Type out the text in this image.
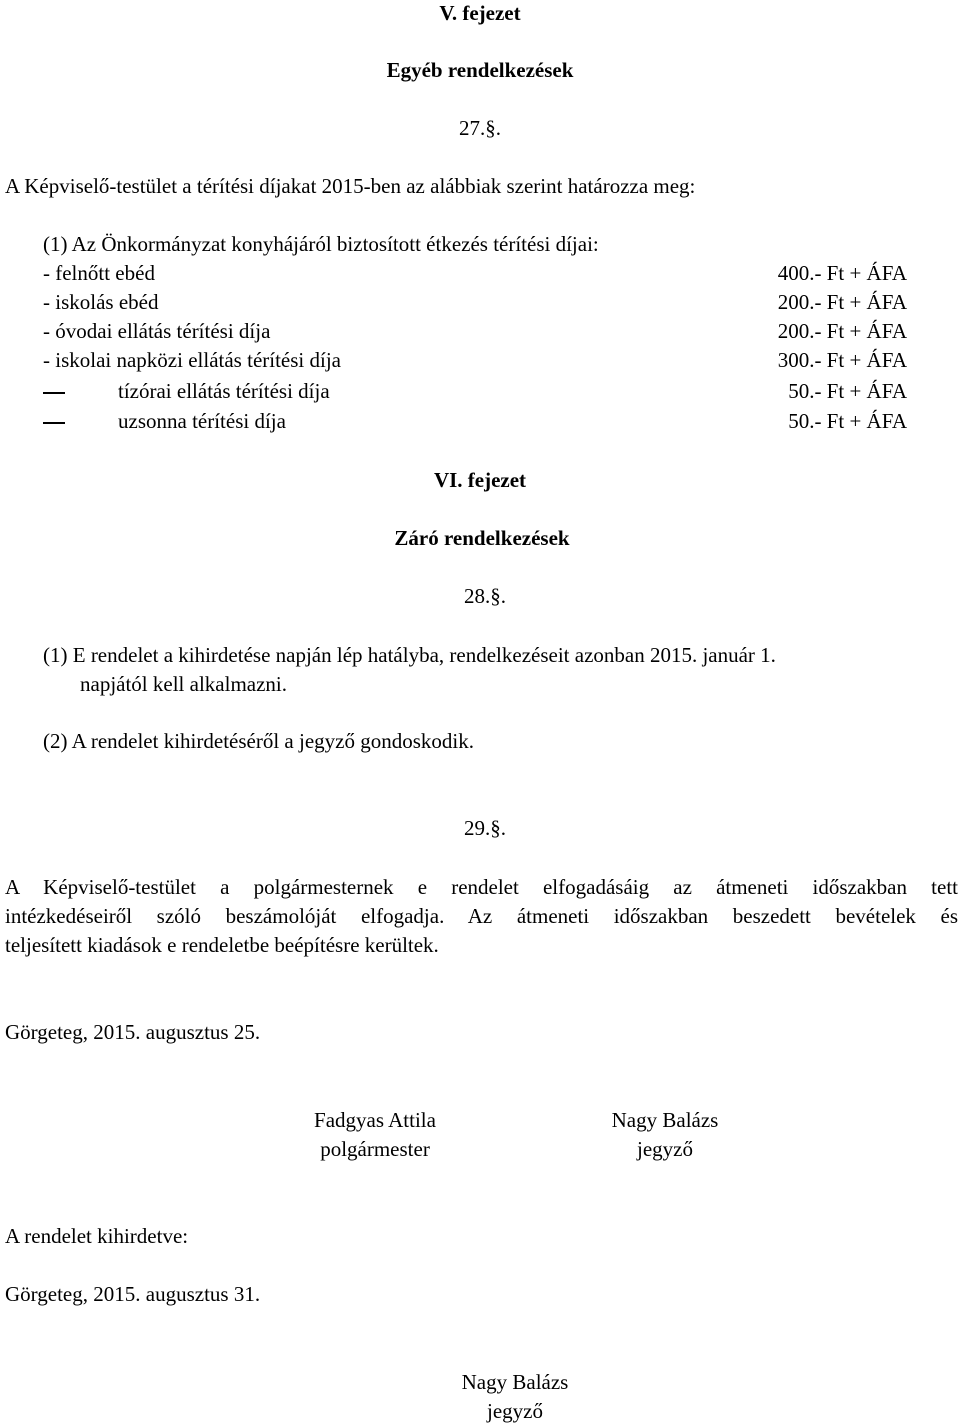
V. fejezet
Egyéb rendelkezések
27.§.
A Képviselő-testület a térítési díjakat 2015-ben az alábbiak szerint határozza meg:
(1) Az Önkormányzat konyhájáról biztosított étkezés térítési díjai:
- felnőtt ebéd	400.- Ft + ÁFA
- iskolás ebéd	200.- Ft + ÁFA
- óvodai ellátás térítési díja	200.- Ft + ÁFA
- iskolai napközi ellátás térítési díja	300.- Ft + ÁFA
tízórai ellátás térítési díja	50.- Ft + ÁFA
uzsonna térítési díja	50.- Ft + ÁFA
VI. fejezet
Záró rendelkezések
28.§.
(1) E rendelet a kihirdetése napján lép hatályba, rendelkezéseit azonban 2015. január 1.
napjától kell alkalmazni.
(2) A rendelet kihirdetéséről a jegyző gondoskodik.
29.§.
A Képviselő-testület a polgármesternek e rendelet elfogadásáig az átmeneti időszakban tett
intézkedéseiről szóló beszámolóját elfogadja. Az átmeneti időszakban beszedett bevételek és
teljesített kiadások e rendeletbe beépítésre kerültek.
Görgeteg, 2015. augusztus 25.
Fadgyas Attila
polgármester
Nagy Balázs
jegyző
A rendelet kihirdetve:
Görgeteg, 2015. augusztus 31.
Nagy Balázs
jegyző
